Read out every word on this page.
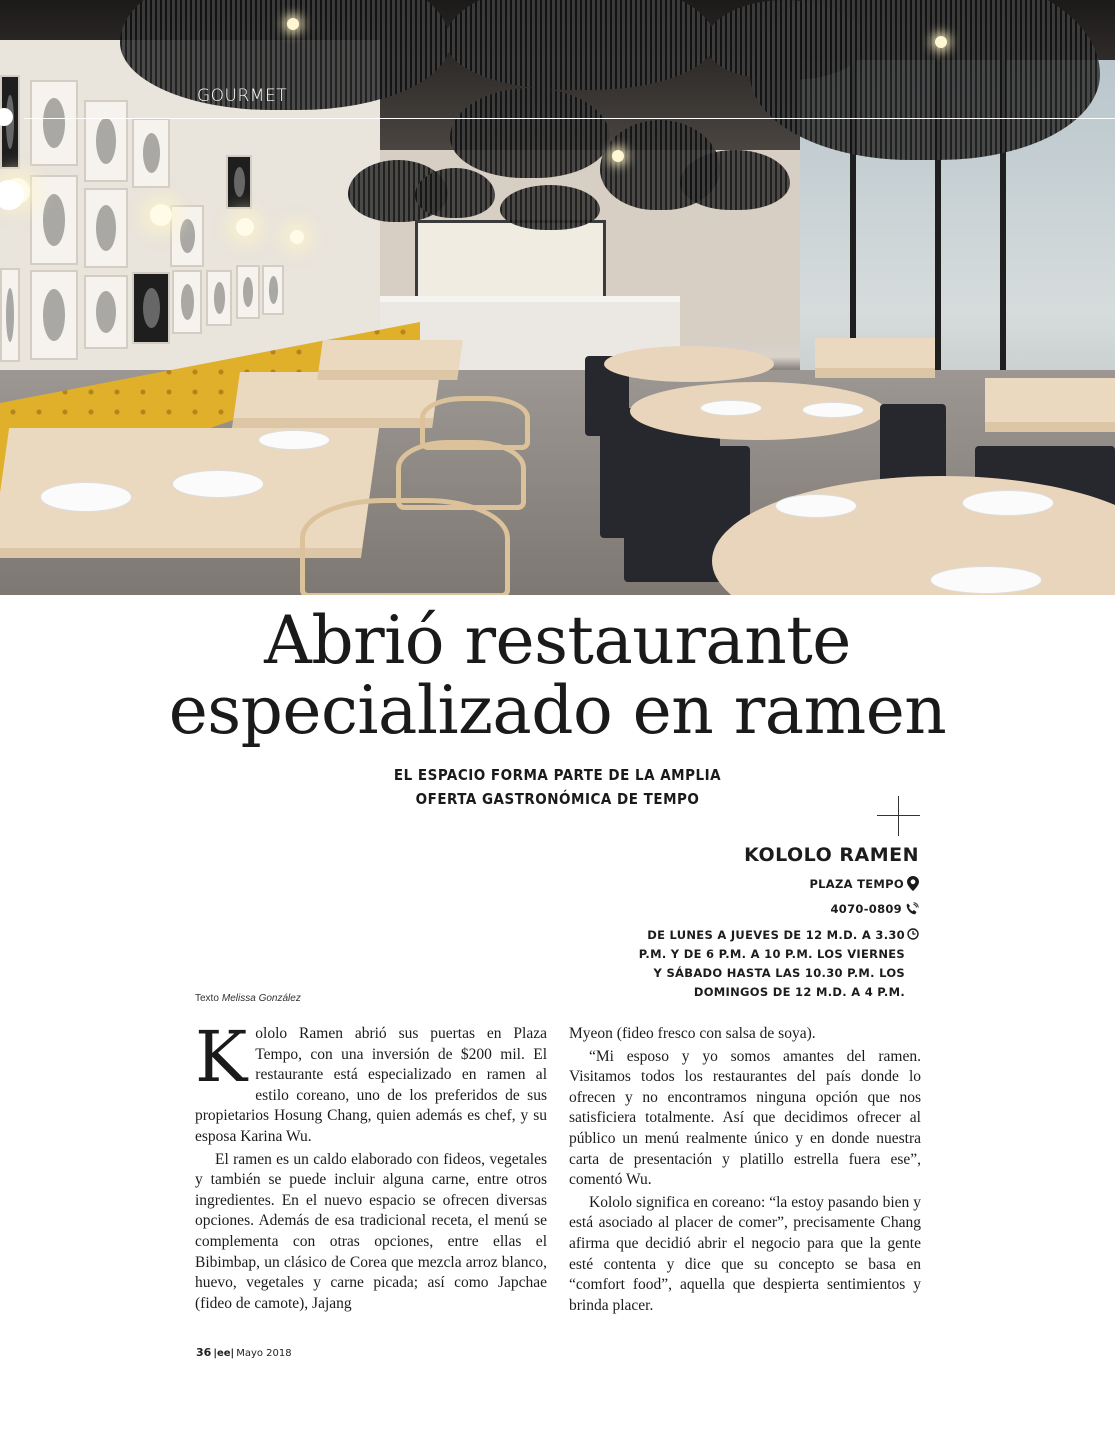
GOURMET
Abrió restaurante
especializado en ramen
EL ESPACIO FORMA PARTE DE LA AMPLIA
OFERTA GASTRONÓMICA DE TEMPO
KOLOLO RAMEN
PLAZA TEMPO
4070-0809
DE LUNES A JUEVES DE 12 M.D. A 3.30
P.M. Y DE 6 P.M. A 10 P.M. LOS VIERNES
Y SÁBADO HASTA LAS 10.30 P.M. LOS
DOMINGOS DE 12 M.D. A 4 P.M.
Texto Melissa González

Kololo Ramen abrió sus puertas en Plaza Tempo, con una inversión de $200 mil. El restaurante está especializado en ramen al estilo coreano, uno de los preferidos de sus propietarios Hosung Chang, quien además es chef, y su esposa Karina Wu.

El ramen es un caldo elaborado con fideos, vegetales y también se puede incluir alguna carne, entre otros ingredientes. En el nuevo espacio se ofrecen diversas opciones. Además de esa tradicional receta, el menú se complementa con otras opciones, entre ellas el Bibimbap, un clásico de Corea que mezcla arroz blanco, huevo, vegetales y carne picada; así como Japchae (fideo de camote), Jajang

Myeon (fideo fresco con salsa de soya).

“Mi esposo y yo somos amantes del ramen. Visitamos todos los restaurantes del país donde lo ofrecen y no encontramos ninguna opción que nos satisficiera totalmente. Así que decidimos ofrecer al público un menú realmente único y en donde nuestra carta de presentación y platillo estrella fuera ese”, comentó Wu.

Kololo significa en coreano: “la estoy pasando bien y está asociado al placer de comer”, precisamente Chang afirma que decidió abrir el negocio para que la gente esté contenta y dice que su concepto se basa en “comfort food”, aquella que despierta sentimientos y brinda placer.

36 |ee| Mayo 2018
